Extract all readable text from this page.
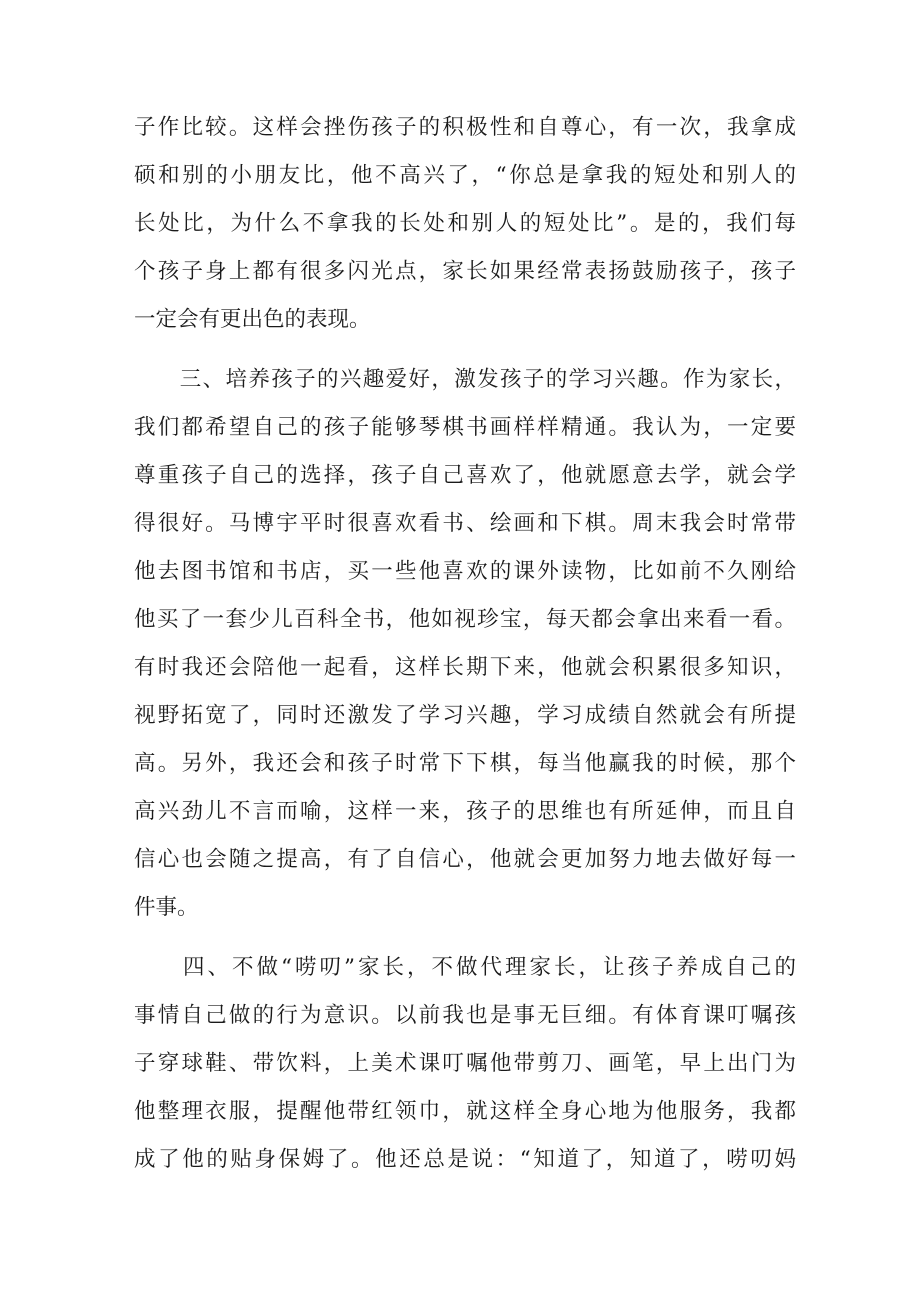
子作比较。这样会挫伤孩子的积极性和自尊心，有一次，我拿成
硕和别的小朋友比，他不高兴了，“你总是拿我的短处和别人的
长处比，为什么不拿我的长处和别人的短处比”。是的，我们每
个孩子身上都有很多闪光点，家长如果经常表扬鼓励孩子，孩子
一定会有更出色的表现。
　　三、培养孩子的兴趣爱好，激发孩子的学习兴趣。作为家长，
我们都希望自己的孩子能够琴棋书画样样精通。我认为，一定要
尊重孩子自己的选择，孩子自己喜欢了，他就愿意去学，就会学
得很好。马博宇平时很喜欢看书、绘画和下棋。周末我会时常带
他去图书馆和书店，买一些他喜欢的课外读物，比如前不久刚给
他买了一套少儿百科全书，他如视珍宝，每天都会拿出来看一看。
有时我还会陪他一起看，这样长期下来，他就会积累很多知识，
视野拓宽了，同时还激发了学习兴趣，学习成绩自然就会有所提
高。另外，我还会和孩子时常下下棋，每当他赢我的时候，那个
高兴劲儿不言而喻，这样一来，孩子的思维也有所延伸，而且自
信心也会随之提高，有了自信心，他就会更加努力地去做好每一
件事。
　　四、不做“唠叨”家长，不做代理家长，让孩子养成自己的
事情自己做的行为意识。以前我也是事无巨细。有体育课叮嘱孩
子穿球鞋、带饮料，上美术课叮嘱他带剪刀、画笔，早上出门为
他整理衣服，提醒他带红领巾，就这样全身心地为他服务，我都
成了他的贴身保姆了。他还总是说：“知道了，知道了，唠叨妈
